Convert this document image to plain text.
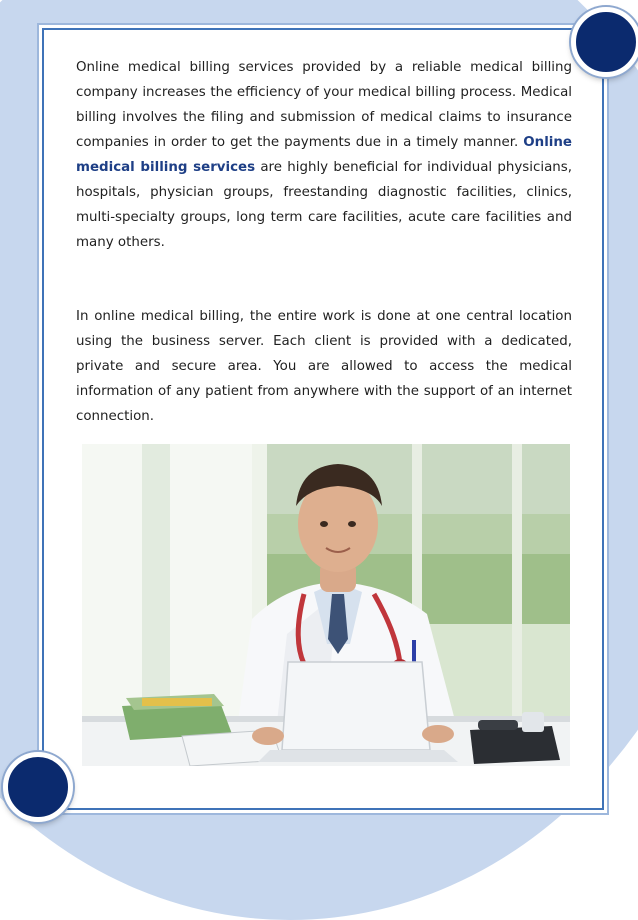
Online medical billing services provided by a reliable medical billing company increases the efficiency of your medical billing process. Medical billing involves the filing and submission of medical claims to insurance companies in order to get the payments due in a timely manner. Online medical billing services are highly beneficial for individual physicians, hospitals, physician groups, freestanding diagnostic facilities, clinics, multi-specialty groups, long term care facilities, acute care facilities and many others.

In online medical billing, the entire work is done at one central location using the business server. Each client is provided with a dedicated, private and secure area. You are allowed to access the medical information of any patient from anywhere with the support of an internet connection.
